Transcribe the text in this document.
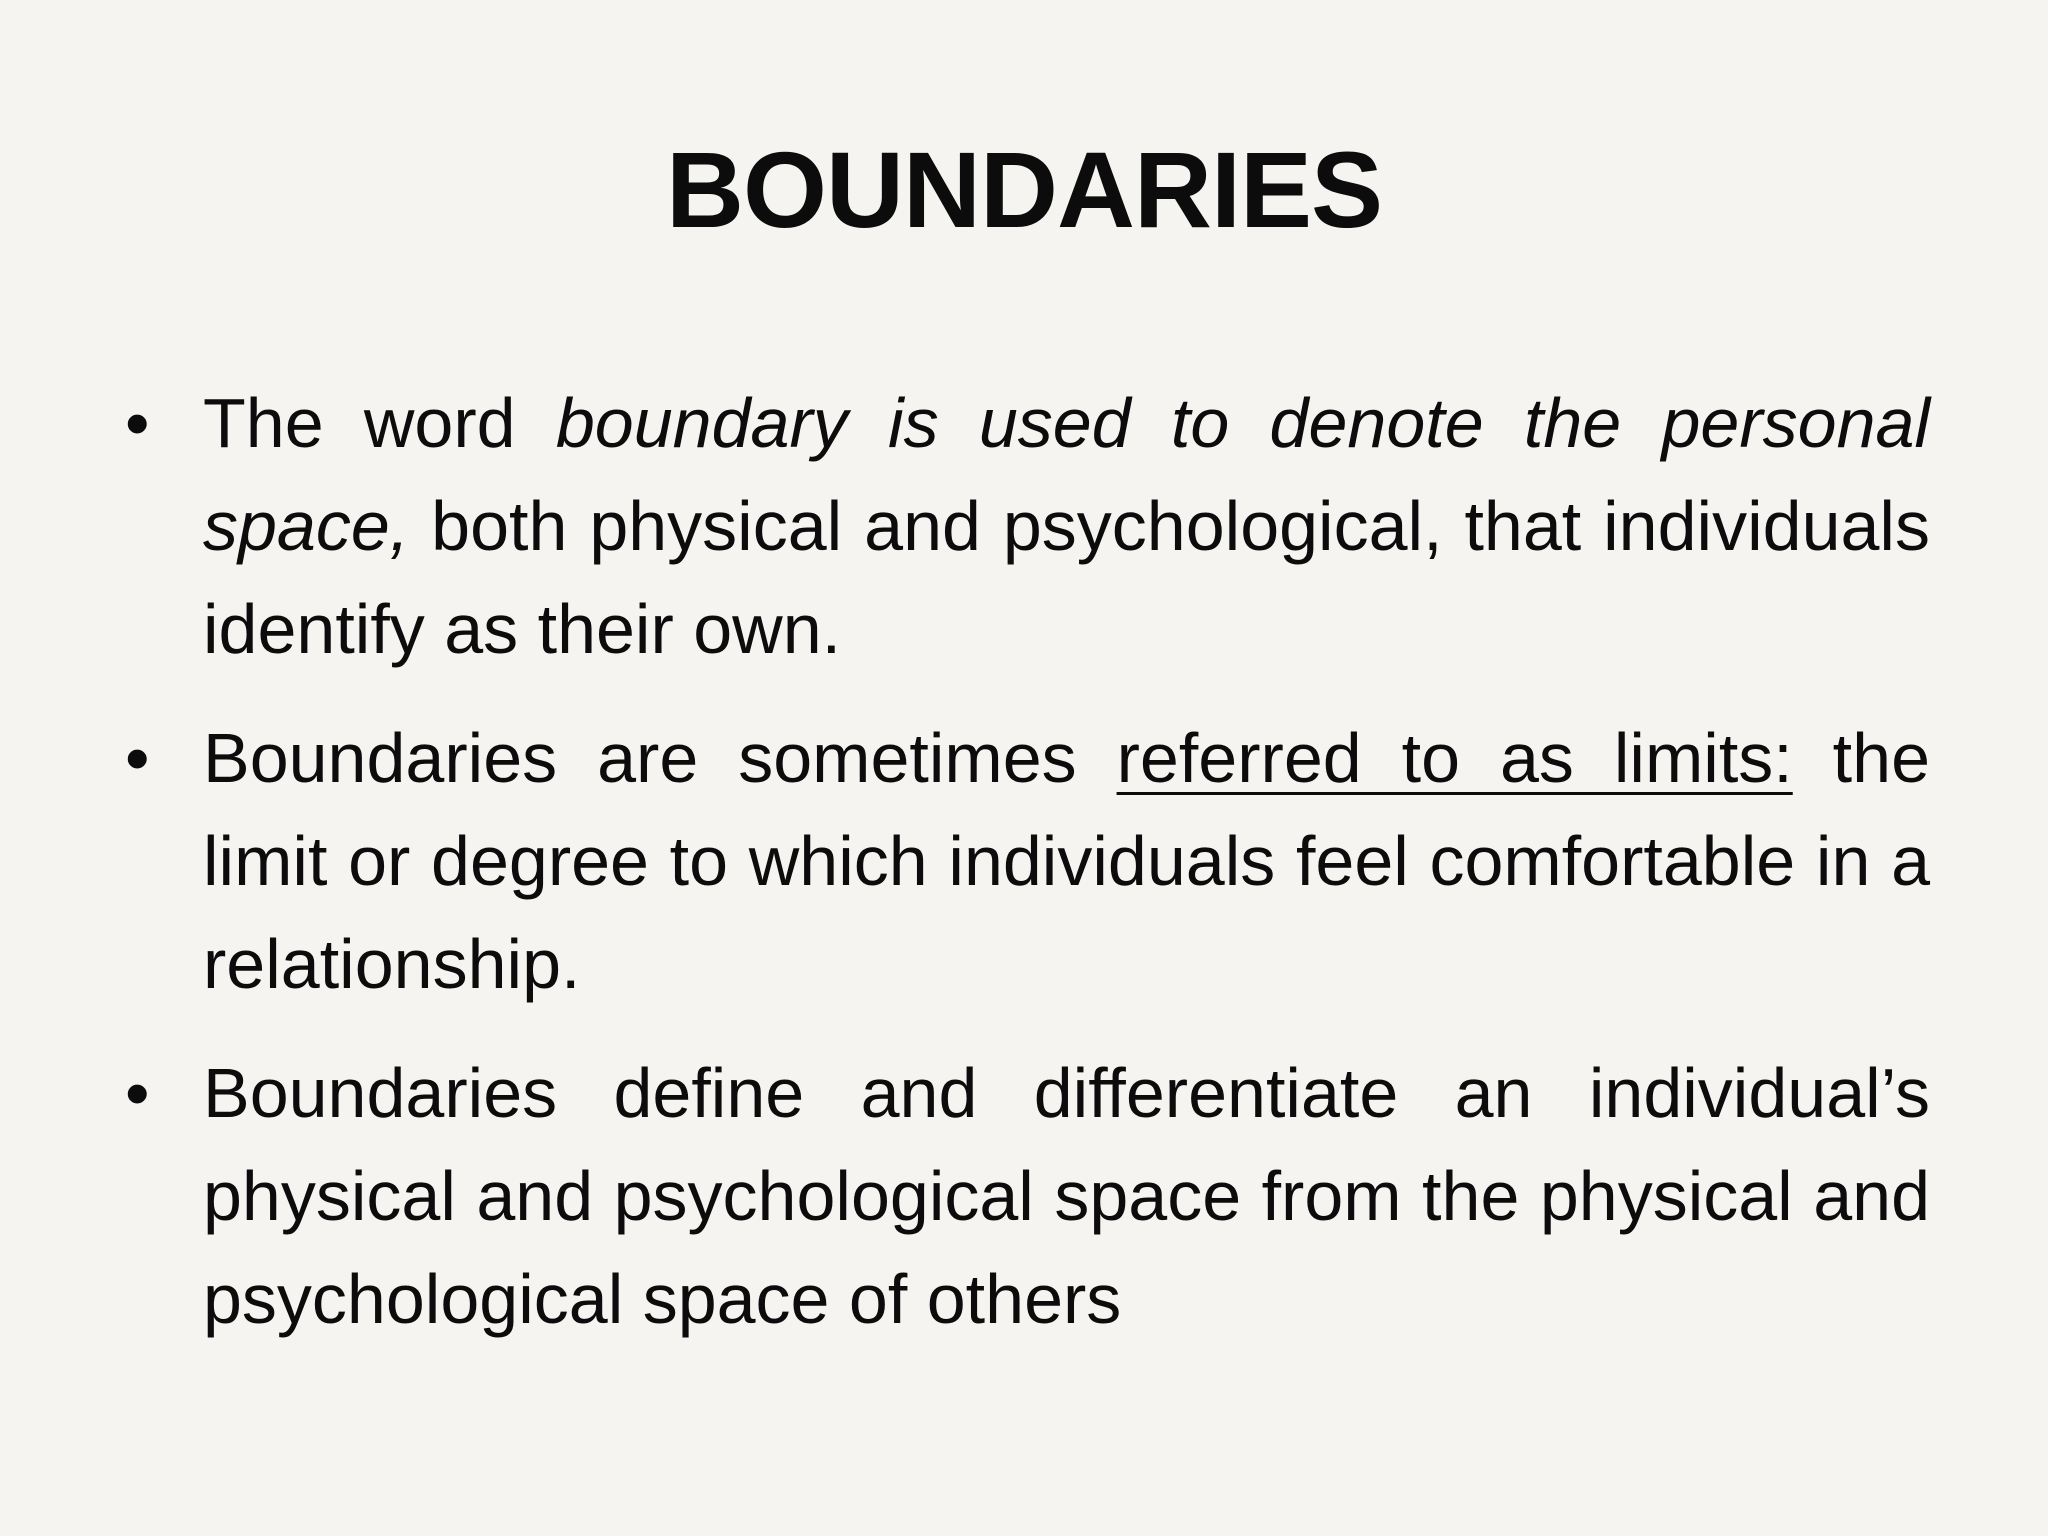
BOUNDARIES
• The word boundary is used to denote the personal space, both physical and psychological, that individuals identify as their own.
• Boundaries are sometimes referred to as limits: the limit or degree to which individuals feel comfortable in a relationship.
• Boundaries define and differentiate an individual’s physical and psychological space from the physical and psychological space of others
